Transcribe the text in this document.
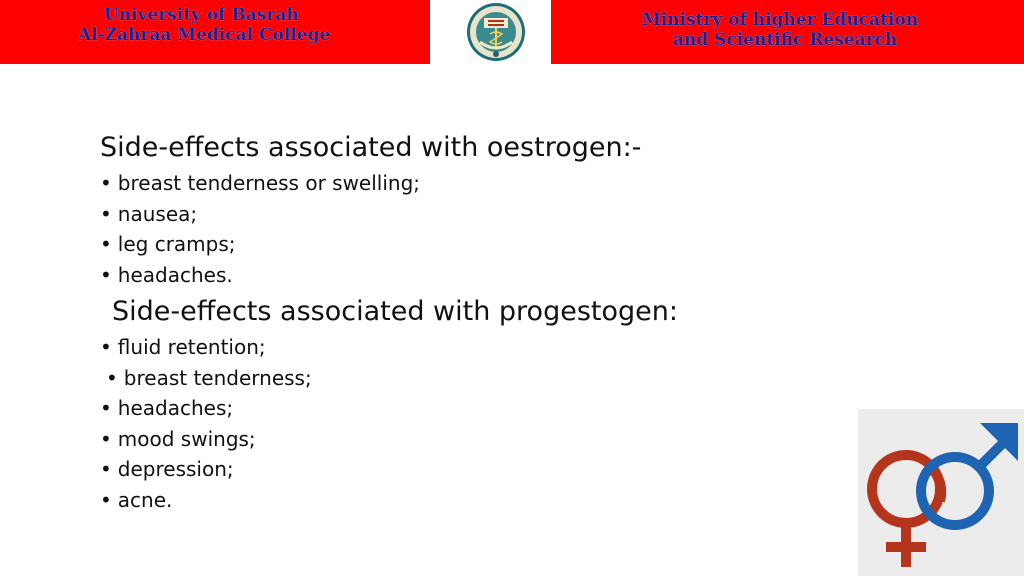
University of Basrah
Al-Zahraa Medical College
Ministry of higher Education
and Scientific Research
Side-effects associated with oestrogen:-
• breast tenderness or swelling;
• nausea;
• leg cramps;
• headaches.
Side-effects associated with progestogen:
• fluid retention;
• breast tenderness;
• headaches;
• mood swings;
• depression;
• acne.
